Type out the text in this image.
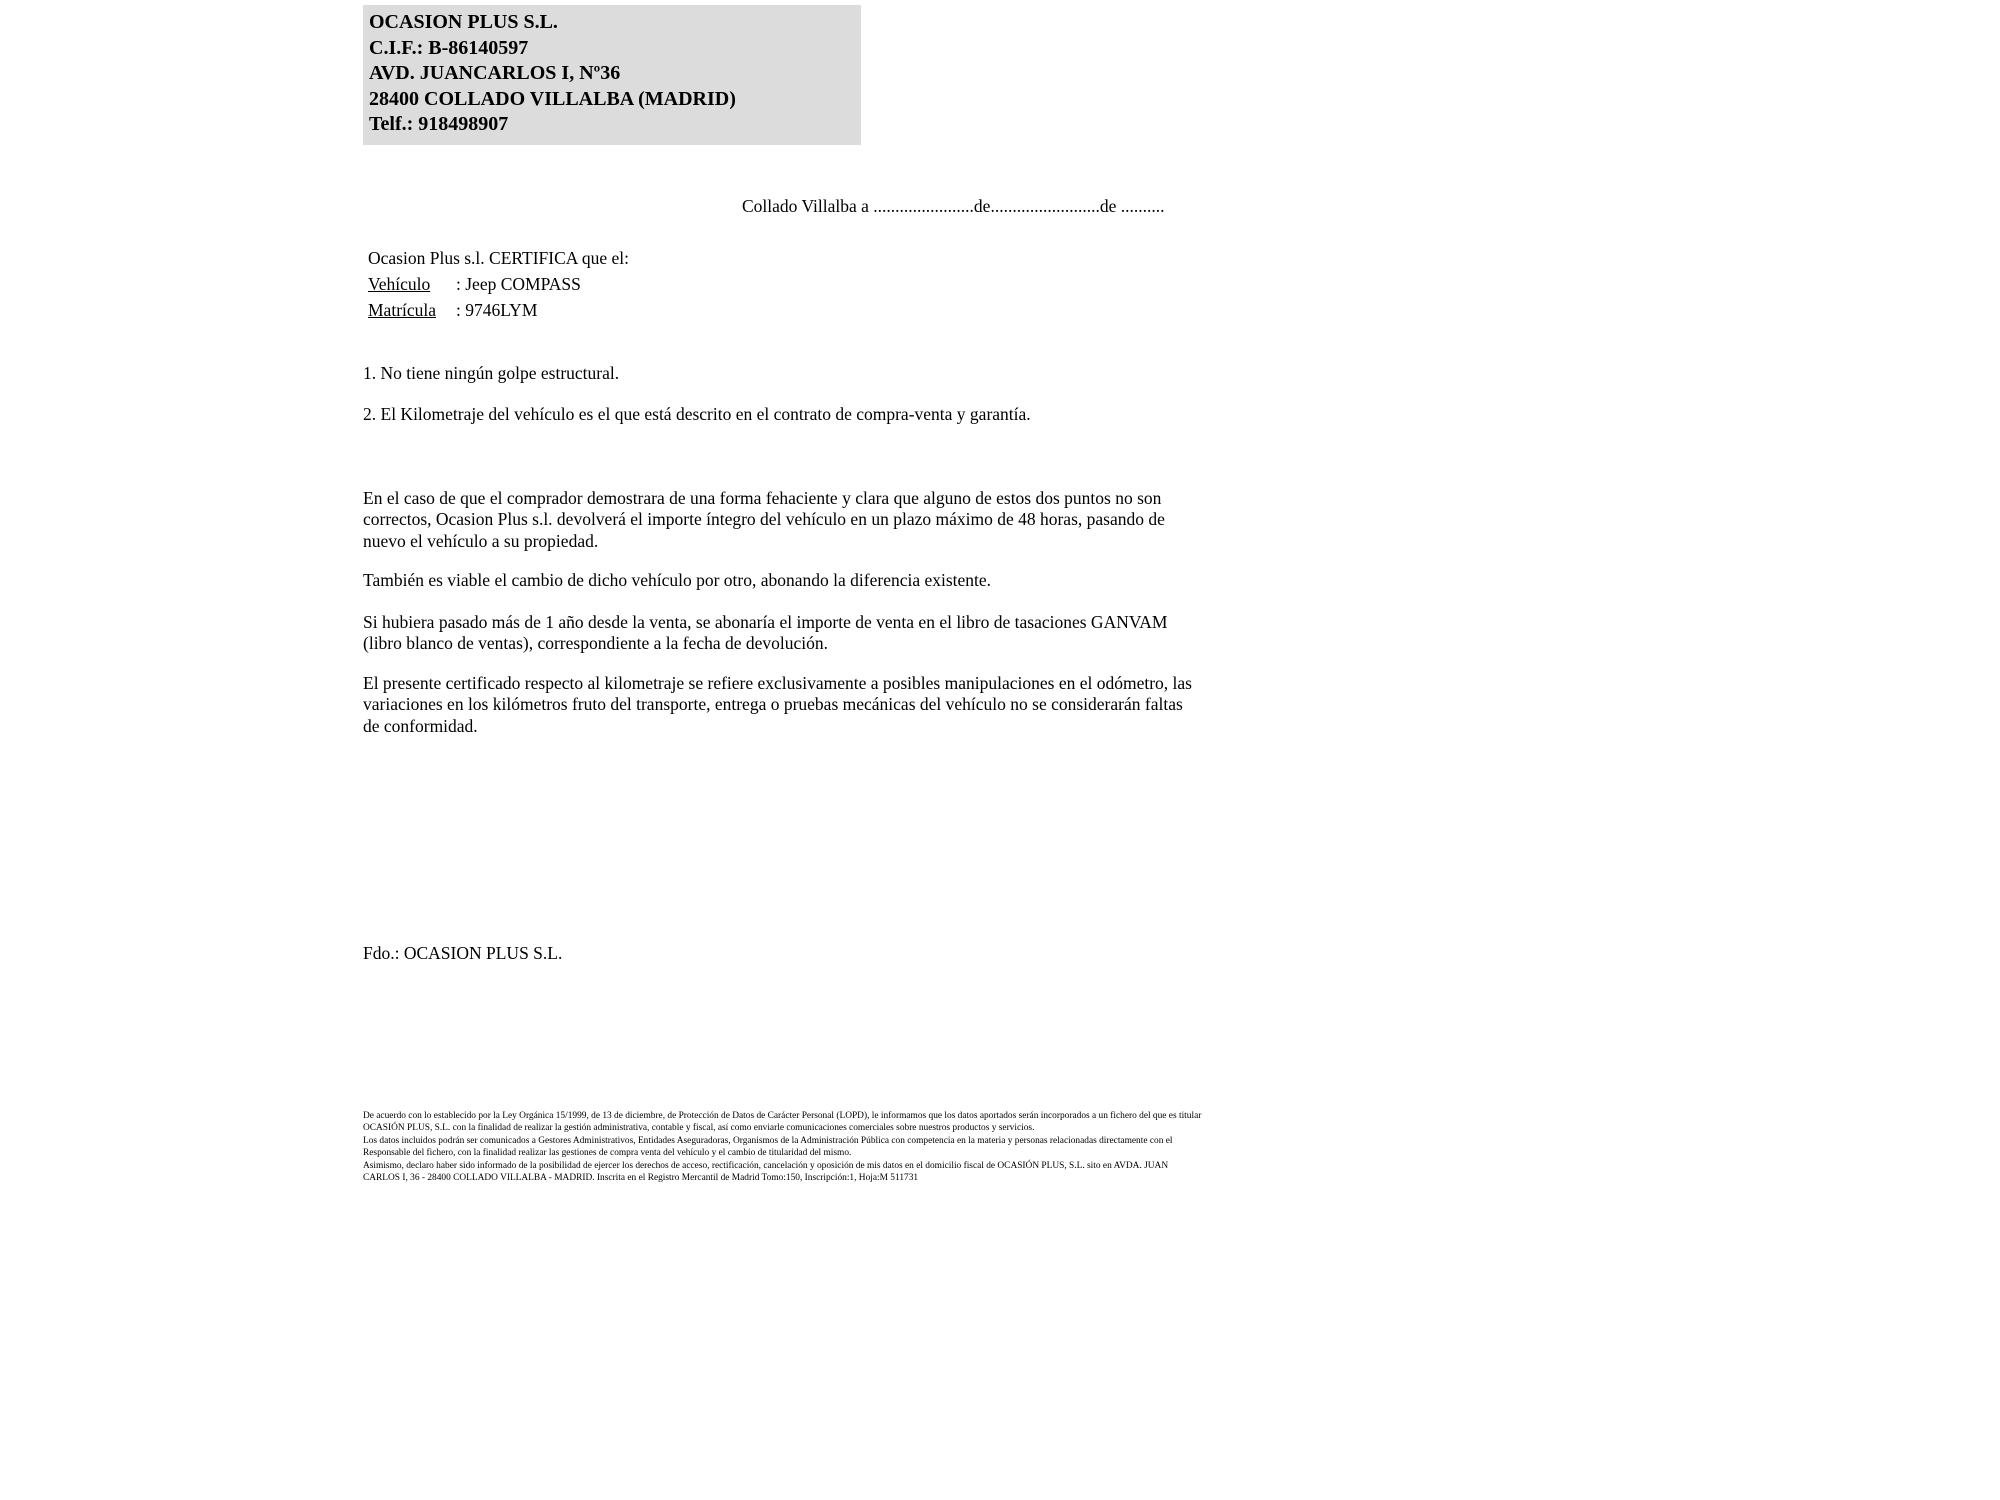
OCASION PLUS S.L.

C.I.F.: B-86140597

AVD. JUANCARLOS I, Nº36

28400 COLLADO VILLALBA (MADRID)

Telf.: 918498907

Collado Villalba a .......................de.........................de ..........

Ocasion Plus s.l. CERTIFICA que el:

Vehículo : Jeep COMPASS

Matrícula : 9746LYM

1. No tiene ningún golpe estructural.

2. El Kilometraje del vehículo es el que está descrito en el contrato de compra-venta y garantía.

En el caso de que el comprador demostrara de una forma fehaciente y clara que alguno de estos dos puntos no son correctos, Ocasion Plus s.l. devolverá el importe íntegro del vehículo en un plazo máximo de 48 horas, pasando de nuevo el vehículo a su propiedad.

También es viable el cambio de dicho vehículo por otro, abonando la diferencia existente.

Si hubiera pasado más de 1 año desde la venta, se abonaría el importe de venta en el libro de tasaciones GANVAM (libro blanco de ventas), correspondiente a la fecha de devolución.

El presente certificado respecto al kilometraje se refiere exclusivamente a posibles manipulaciones en el odómetro, las variaciones en los kilómetros fruto del transporte, entrega o pruebas mecánicas del vehículo no se considerarán faltas de conformidad.

Fdo.: OCASION PLUS S.L.

De acuerdo con lo establecido por la Ley Orgánica 15/1999, de 13 de diciembre, de Protección de Datos de Carácter Personal (LOPD), le informamos que los datos aportados serán incorporados a un fichero del que es titular OCASIÓN PLUS, S.L. con la finalidad de realizar la gestión administrativa, contable y fiscal, así como enviarle comunicaciones comerciales sobre nuestros productos y servicios.

Los datos incluidos podrán ser comunicados a Gestores Administrativos, Entidades Aseguradoras, Organismos de la Administración Pública con competencia en la materia y personas relacionadas directamente con el Responsable del fichero, con la finalidad realizar las gestiones de compra venta del vehículo y el cambio de titularidad del mismo.

Asimismo, declaro haber sido informado de la posibilidad de ejercer los derechos de acceso, rectificación, cancelación y oposición de mis datos en el domicilio fiscal de OCASIÓN PLUS, S.L. sito en AVDA. JUAN CARLOS I, 36 - 28400 COLLADO VILLALBA - MADRID. Inscrita en el Registro Mercantil de Madrid Tomo:150, Inscripción:1, Hoja:M 511731
